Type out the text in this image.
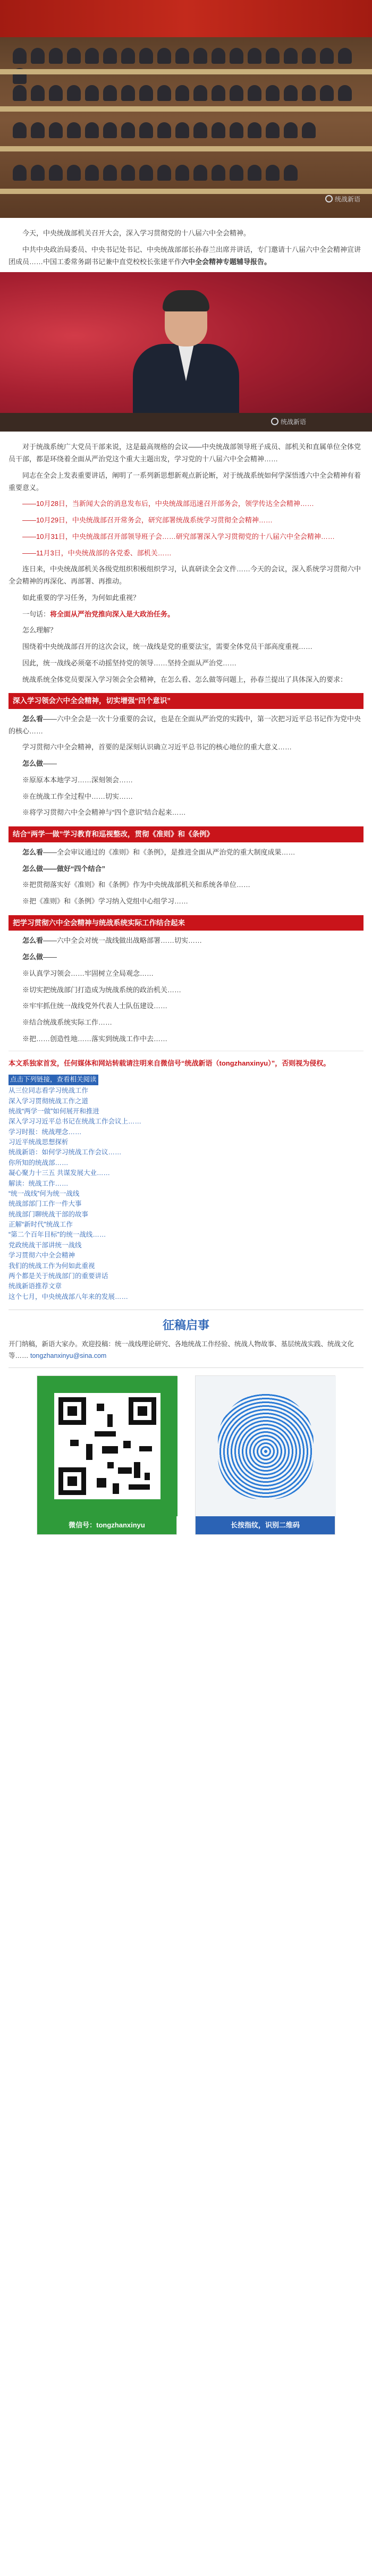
统战新语

今天，中央统战部机关召开大会，深入学习贯彻党的十八届六中全会精神。

中共中央政治局委员、中央书记处书记、中央统战部部长孙春兰出席并讲话，专门邀请十八届六中全会精神宣讲团成员……中国工委常务副书记兼中直党校校长张建平作六中全会精神专题辅导报告。

统战新语

对于统战系统广大党员干部来说，这是最高规格的会议——中央统战部领导班子成员、部机关和直属单位全体党员干部，都是环绕着全面从严治党这个重大主题出发，学习党的十八届六中全会精神……

同志在全会上发表重要讲话，阐明了一系列新思想新观点新论断，对于统战系统如何学深悟透六中全会精神有着重要意义。

——10月28日，当新闻大会的消息发布后，中央统战部迅速召开部务会，领学传达全会精神……

——10月29日，中央统战部召开常务会，研究部署统战系统学习贯彻全会精神……

——10月31日，中央统战部召开部领导班子会……研究部署深入学习贯彻党的十八届六中全会精神……

——11月3日，中央统战部的各党委、部机关……

连日来，中央统战部机关各级党组织积极组织学习，认真研读全会文件……今天的会议，深入系统学习贯彻六中全会精神的再深化、再部署、再推动。

如此重要的学习任务，为何如此重视？

一句话：将全面从严治党推向深入是大政治任务。

怎么理解？

围绕着中央统战部召开的这次会议，统一战线是党的重要法宝，需要全体党员干部高度重视……

因此，统一战线必须毫不动摇坚持党的领导……坚持全面从严治党……

统战系统全体党员要深入学习领会全会精神，在怎么看、怎么做等问题上，孙春兰提出了具体深入的要求：

深入学习领会六中全会精神，切实增强“四个意识”

怎么看——六中全会是一次十分重要的会议，也是在全面从严治党的实践中，第一次把习近平总书记作为党中央的核心……

学习贯彻六中全会精神，首要的是深刻认识确立习近平总书记的核心地位的重大意义……

怎么做——

※原原本本地学习……深刻领会……

※在统战工作全过程中……切实……

※将学习贯彻六中全会精神与“四个意识”结合起来……

结合“两学一做”学习教育和巡视整改，贯彻《准则》和《条例》

怎么看——全会审议通过的《准则》和《条例》，是推进全面从严治党的重大制度成果……

怎么做——做好“四个结合”

※把贯彻落实好《准则》和《条例》作为中央统战部机关和系统各单位……

※把《准则》和《条例》学习纳入党组中心组学习……

把学习贯彻六中全会精神与统战系统实际工作结合起来

怎么看——六中全会对统一战线做出战略部署……切实……

怎么做——

※认真学习领会……牢固树立全局观念……

※切实把统战部门打造成为统战系统的政治机关……

※牢牢抓住统一战线党外代表人士队伍建设……

※结合统战系统实际工作……

※把……创造性地……落实到统战工作中去……

本文系独家首发，任何媒体和网站转载请注明来自微信号“统战新语（tongzhanxinyu）”，否则视为侵权。

点击下列链接，查看相关阅读
从三位同志看学习统战工作
深入学习贯彻统战工作之道
统战“两学一做”如何展开和推进
深入学习习近平总书记在统战工作会议上……
学习时报：统战理念……
习近平统战思想探析
统战新语：如何学习统战工作会议……
你所知的统战部……
凝心聚力十三五 共谋发展大业……
解读：统战工作……
“统一战线”何为统一战线
统战部部门工作一件大事
统战部门聊统战干部的故事
正解“新时代”统战工作
“第二个百年目标”的统一战线……
党政统战干部讲统一战线
学习贯彻六中全会精神
我们的统战工作为何如此重视
两个都是关于统战部门的重要讲话
统战新语推荐文章
这个七月，中央统战部八年来的发展……
征稿启事
开门纳稿，新语大家办。欢迎投稿：统一战线理论研究、各地统战工作经验、统战人物故事、基层统战实践、统战文化等…… tongzhanxinyu@sina.com
微信号：tongzhanxinyu	长按指纹，识别二维码
